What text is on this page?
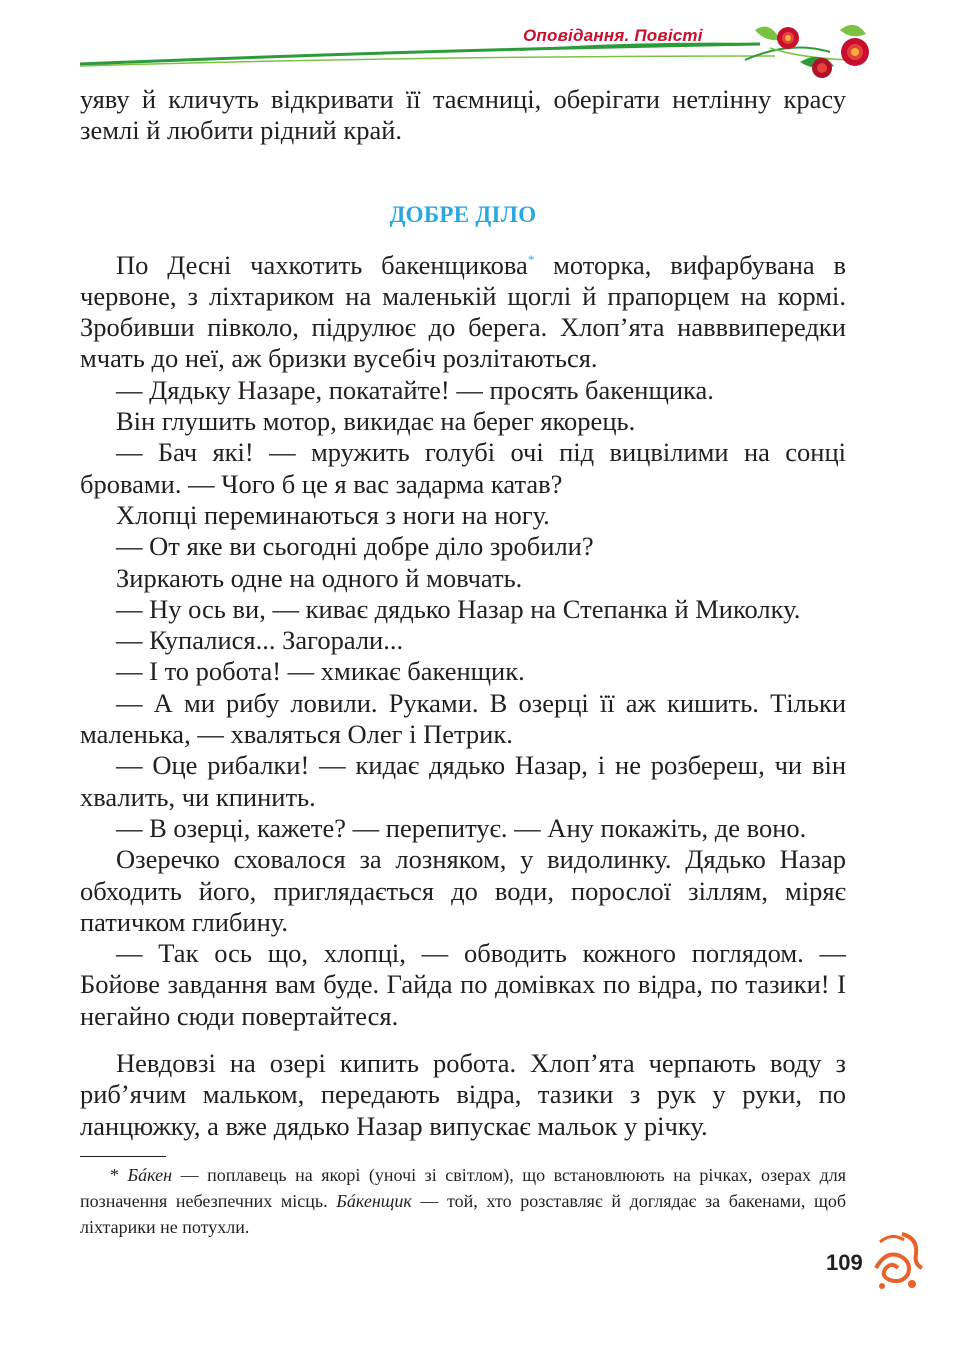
Оповідання. Повісті

уяву й кличуть відкривати її таємниці, оберігати нетлінну красу землі й любити рідний край.

ДОБРЕ ДІЛО

По Десні чахкотить бакенщикова* моторка, вифарбувана в червоне, з ліхтариком на маленькій щоглі й прапорцем на кормі. Зробивши півколо, підрулює до берега. Хлоп’ята навввипередки мчать до неї, аж бризки вусебіч розлітаються.

— Дядьку Назаре, покатайте! — просять бакенщика.

Він глушить мотор, викидає на берег якорець.

— Бач які! — мружить голубі очі під вицвілими на сонці бровами. — Чого б це я вас задарма катав?

Хлопці переминаються з ноги на ногу.

— От яке ви сьогодні добре діло зробили?

Зиркають одне на одного й мовчать.

— Ну ось ви, — киває дядько Назар на Степанка й Миколку.

— Купалися... Загорали...

— І то робота! — хмикає бакенщик.

— А ми рибу ловили. Руками. В озерці її аж кишить. Тільки маленька, — хваляться Олег і Петрик.

— Оце рибалки! — кидає дядько Назар, і не розбереш, чи він хвалить, чи кпинить.

— В озерці, кажете? — перепитує. — Ану покажіть, де воно.

Озеречко сховалося за лозняком, у видолинку. Дядько Назар обходить його, приглядається до води, порослої зіллям, міряє патичком глибину.

— Так ось що, хлопці, — обводить кожного поглядом. — Бойове завдання вам буде. Гайда по домівках по відра, по тазики! І негайно сюди повертайтеся.

Невдовзі на озері кипить робота. Хлоп’ята черпають воду з риб’ячим мальком, передають відра, тазики з рук у руки, по ланцюжку, а вже дядько Назар випускає мальок у річку.

* Бáкен — поплавець на якорі (уночі зі світлом), що встановлюють на річках, озерах для позначення небезпечних місць. Бáкенщик — той, хто розставляє й доглядає за бакенами, щоб ліхтарики не потухли.
109
